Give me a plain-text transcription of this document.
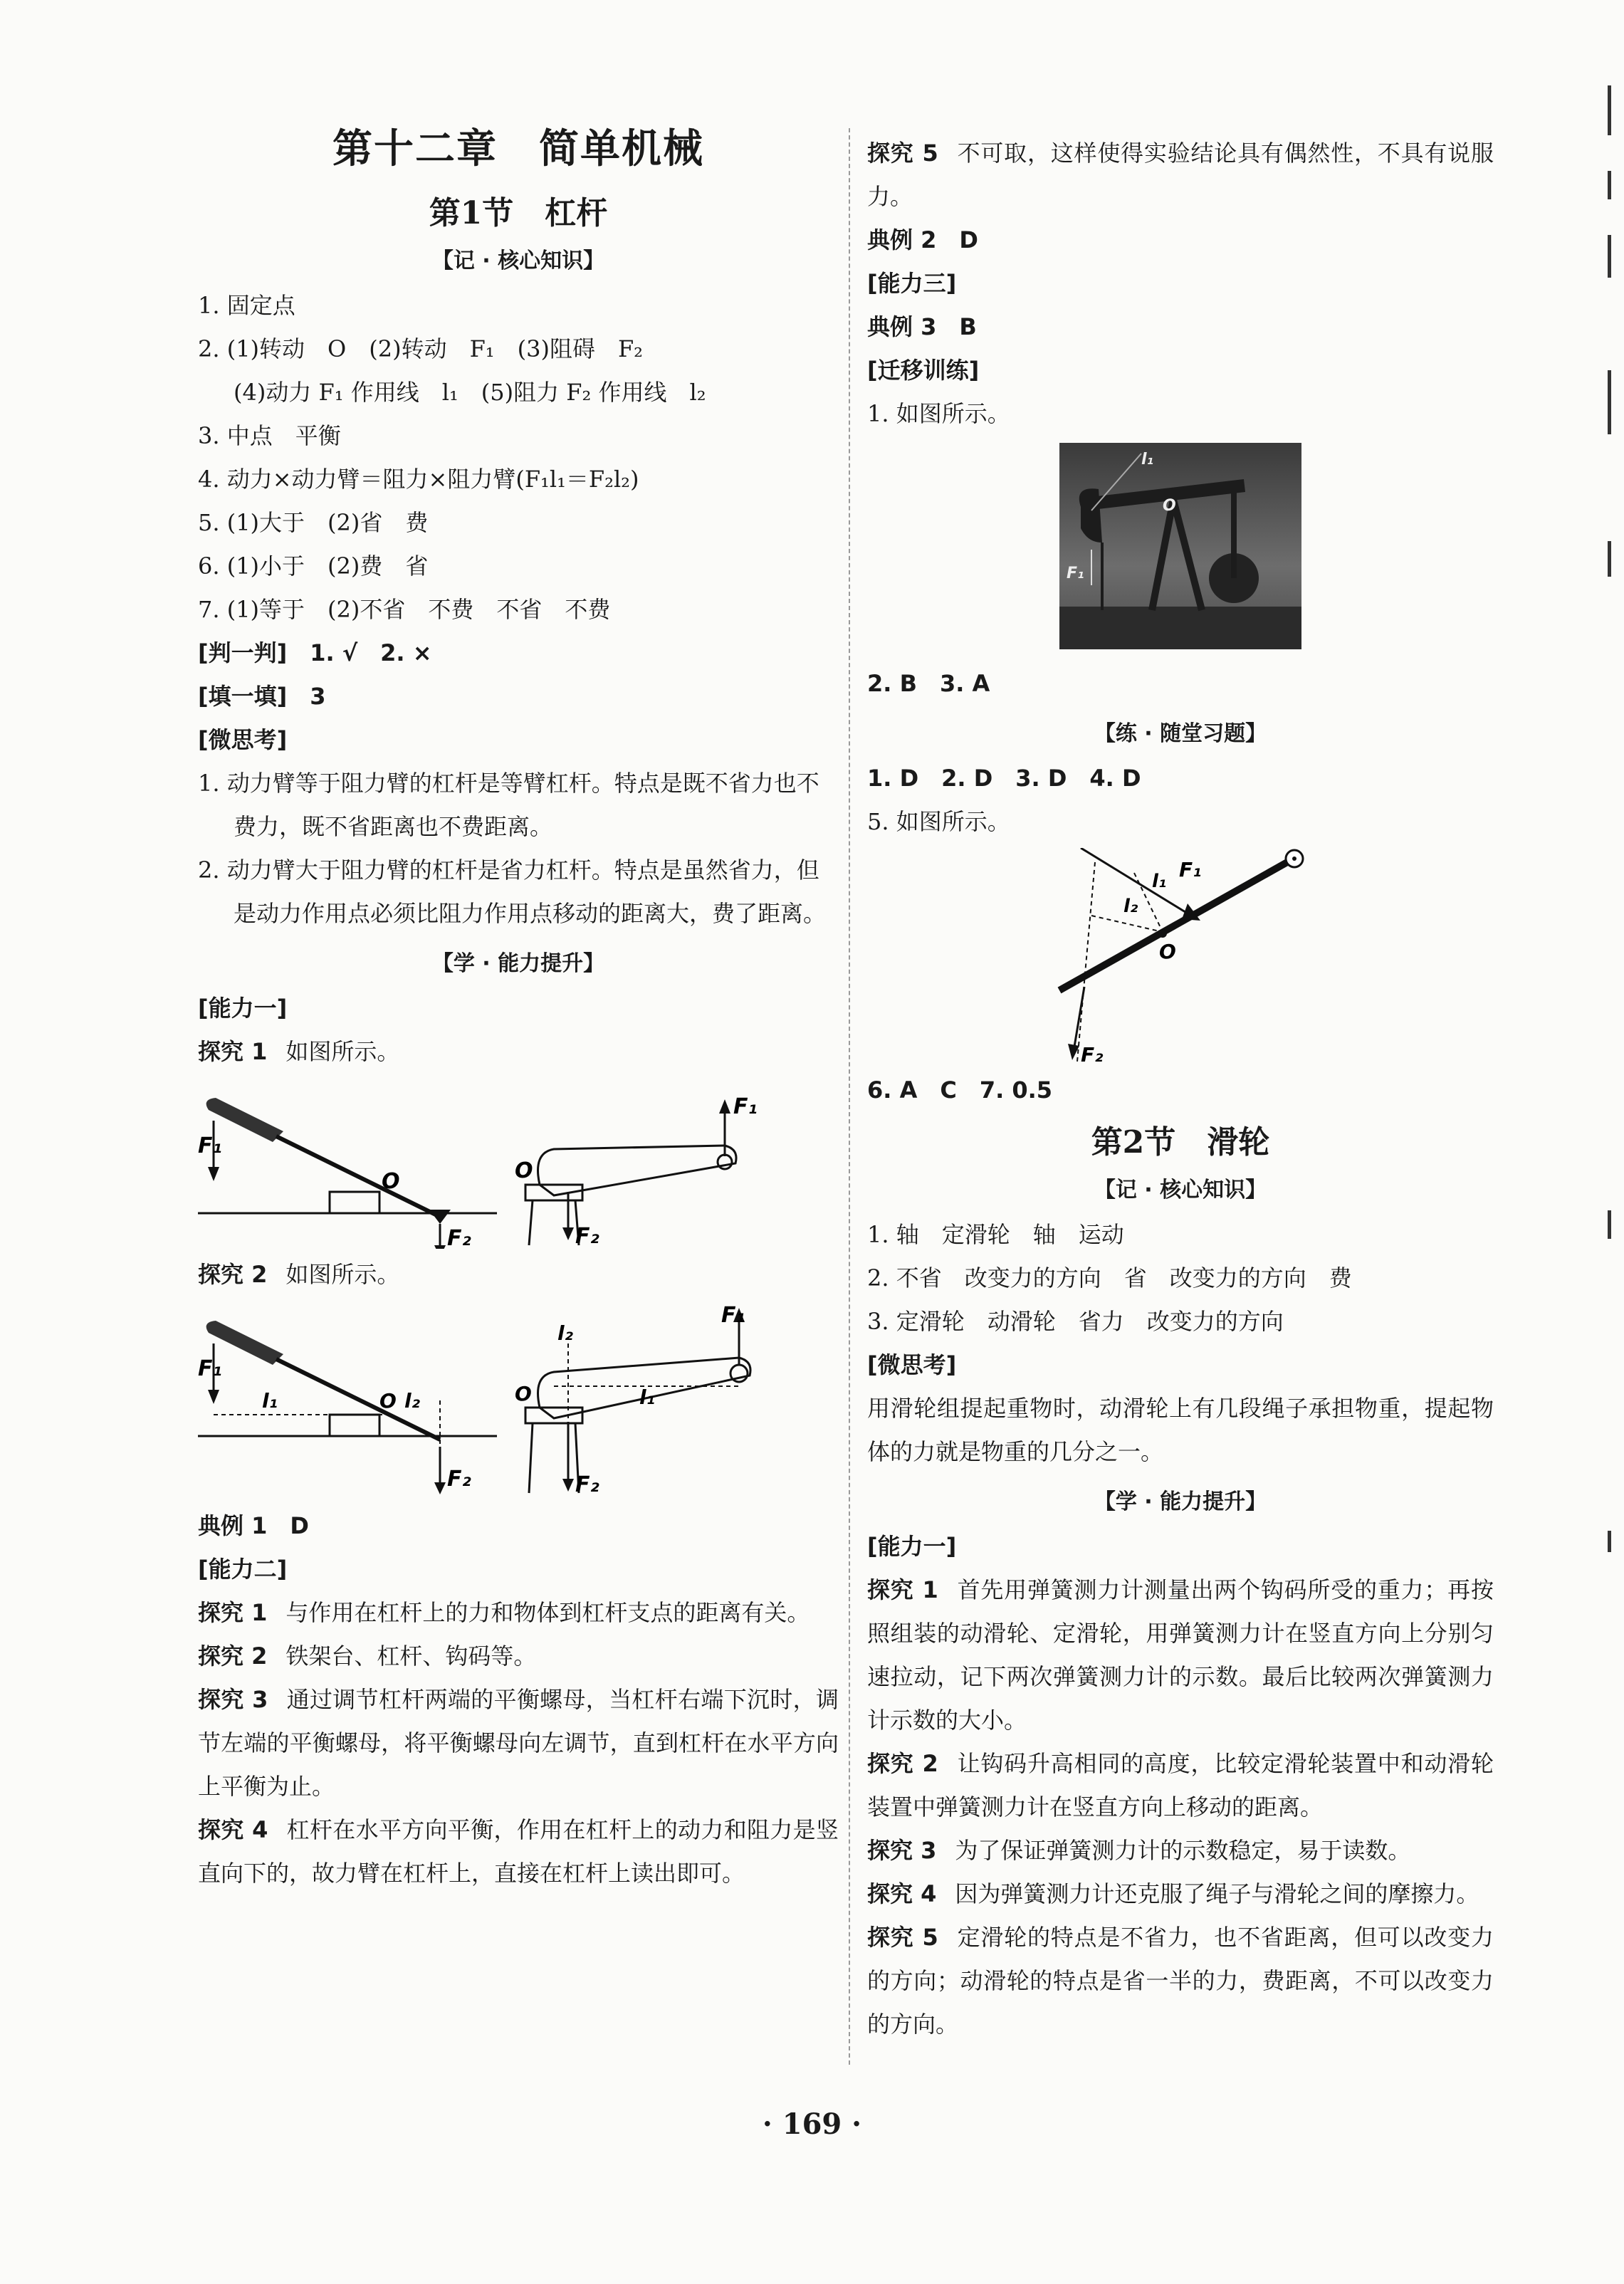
第十二章　简单机械
第1节　杠杆
【记 · 核心知识】
1. 固定点
2. (1)转动　O　(2)转动　F₁　(3)阻碍　F₂
(4)动力 F₁ 作用线　l₁　(5)阻力 F₂ 作用线　l₂
3. 中点　平衡
4. 动力×动力臂＝阻力×阻力臂(F₁l₁＝F₂l₂)
5. (1)大于　(2)省　费
6. (1)小于　(2)费　省
7. (1)等于　(2)不省　不费　不省　不费
[判一判]　1. √　2. ×
[填一填]　3
[微思考]
1. 动力臂等于阻力臂的杠杆是等臂杠杆。特点是既不省力也不费力，既不省距离也不费距离。
2. 动力臂大于阻力臂的杠杆是省力杠杆。特点是虽然省力，但是动力作用点必须比阻力作用点移动的距离大，费了距离。
【学 · 能力提升】
[能力一]
探究 1 如图所示。
F₁
O
F₂
F₁
O
F₂
探究 2 如图所示。
F₁
l₁	O l₂
F₂
F₁
l₁
l₂
O
F₂
典例 1　D
[能力二]
探究 1 与作用在杠杆上的力和物体到杠杆支点的距离有关。
探究 2 铁架台、杠杆、钩码等。
探究 3 通过调节杠杆两端的平衡螺母，当杠杆右端下沉时，调节左端的平衡螺母，将平衡螺母向左调节，直到杠杆在水平方向上平衡为止。
探究 4 杠杆在水平方向平衡，作用在杠杆上的动力和阻力是竖直向下的，故力臂在杠杆上，直接在杠杆上读出即可。
探究 5 不可取，这样使得实验结论具有偶然性，不具有说服力。
典例 2　D
[能力三]
典例 3　B
[迁移训练]
1. 如图所示。
O
F₁
l₁
2. B　3. A
【练 · 随堂习题】
1. D　2. D　3. D　4. D
5. 如图所示。
O
F₁
l₁
l₂
F₂
6. A　C　7. 0.5
第2节　滑轮
【记 · 核心知识】
1. 轴　定滑轮　轴　运动
2. 不省　改变力的方向　省　改变力的方向　费
3. 定滑轮　动滑轮　省力　改变力的方向
[微思考]
用滑轮组提起重物时，动滑轮上有几段绳子承担物重，提起物体的力就是物重的几分之一。
【学 · 能力提升】
[能力一]
探究 1 首先用弹簧测力计测量出两个钩码所受的重力；再按照组装的动滑轮、定滑轮，用弹簧测力计在竖直方向上分别匀速拉动，记下两次弹簧测力计的示数。最后比较两次弹簧测力计示数的大小。
探究 2 让钩码升高相同的高度，比较定滑轮装置中和动滑轮装置中弹簧测力计在竖直方向上移动的距离。
探究 3 为了保证弹簧测力计的示数稳定，易于读数。
探究 4 因为弹簧测力计还克服了绳子与滑轮之间的摩擦力。
探究 5 定滑轮的特点是不省力，也不省距离，但可以改变力的方向；动滑轮的特点是省一半的力，费距离，不可以改变力的方向。
· 169 ·
